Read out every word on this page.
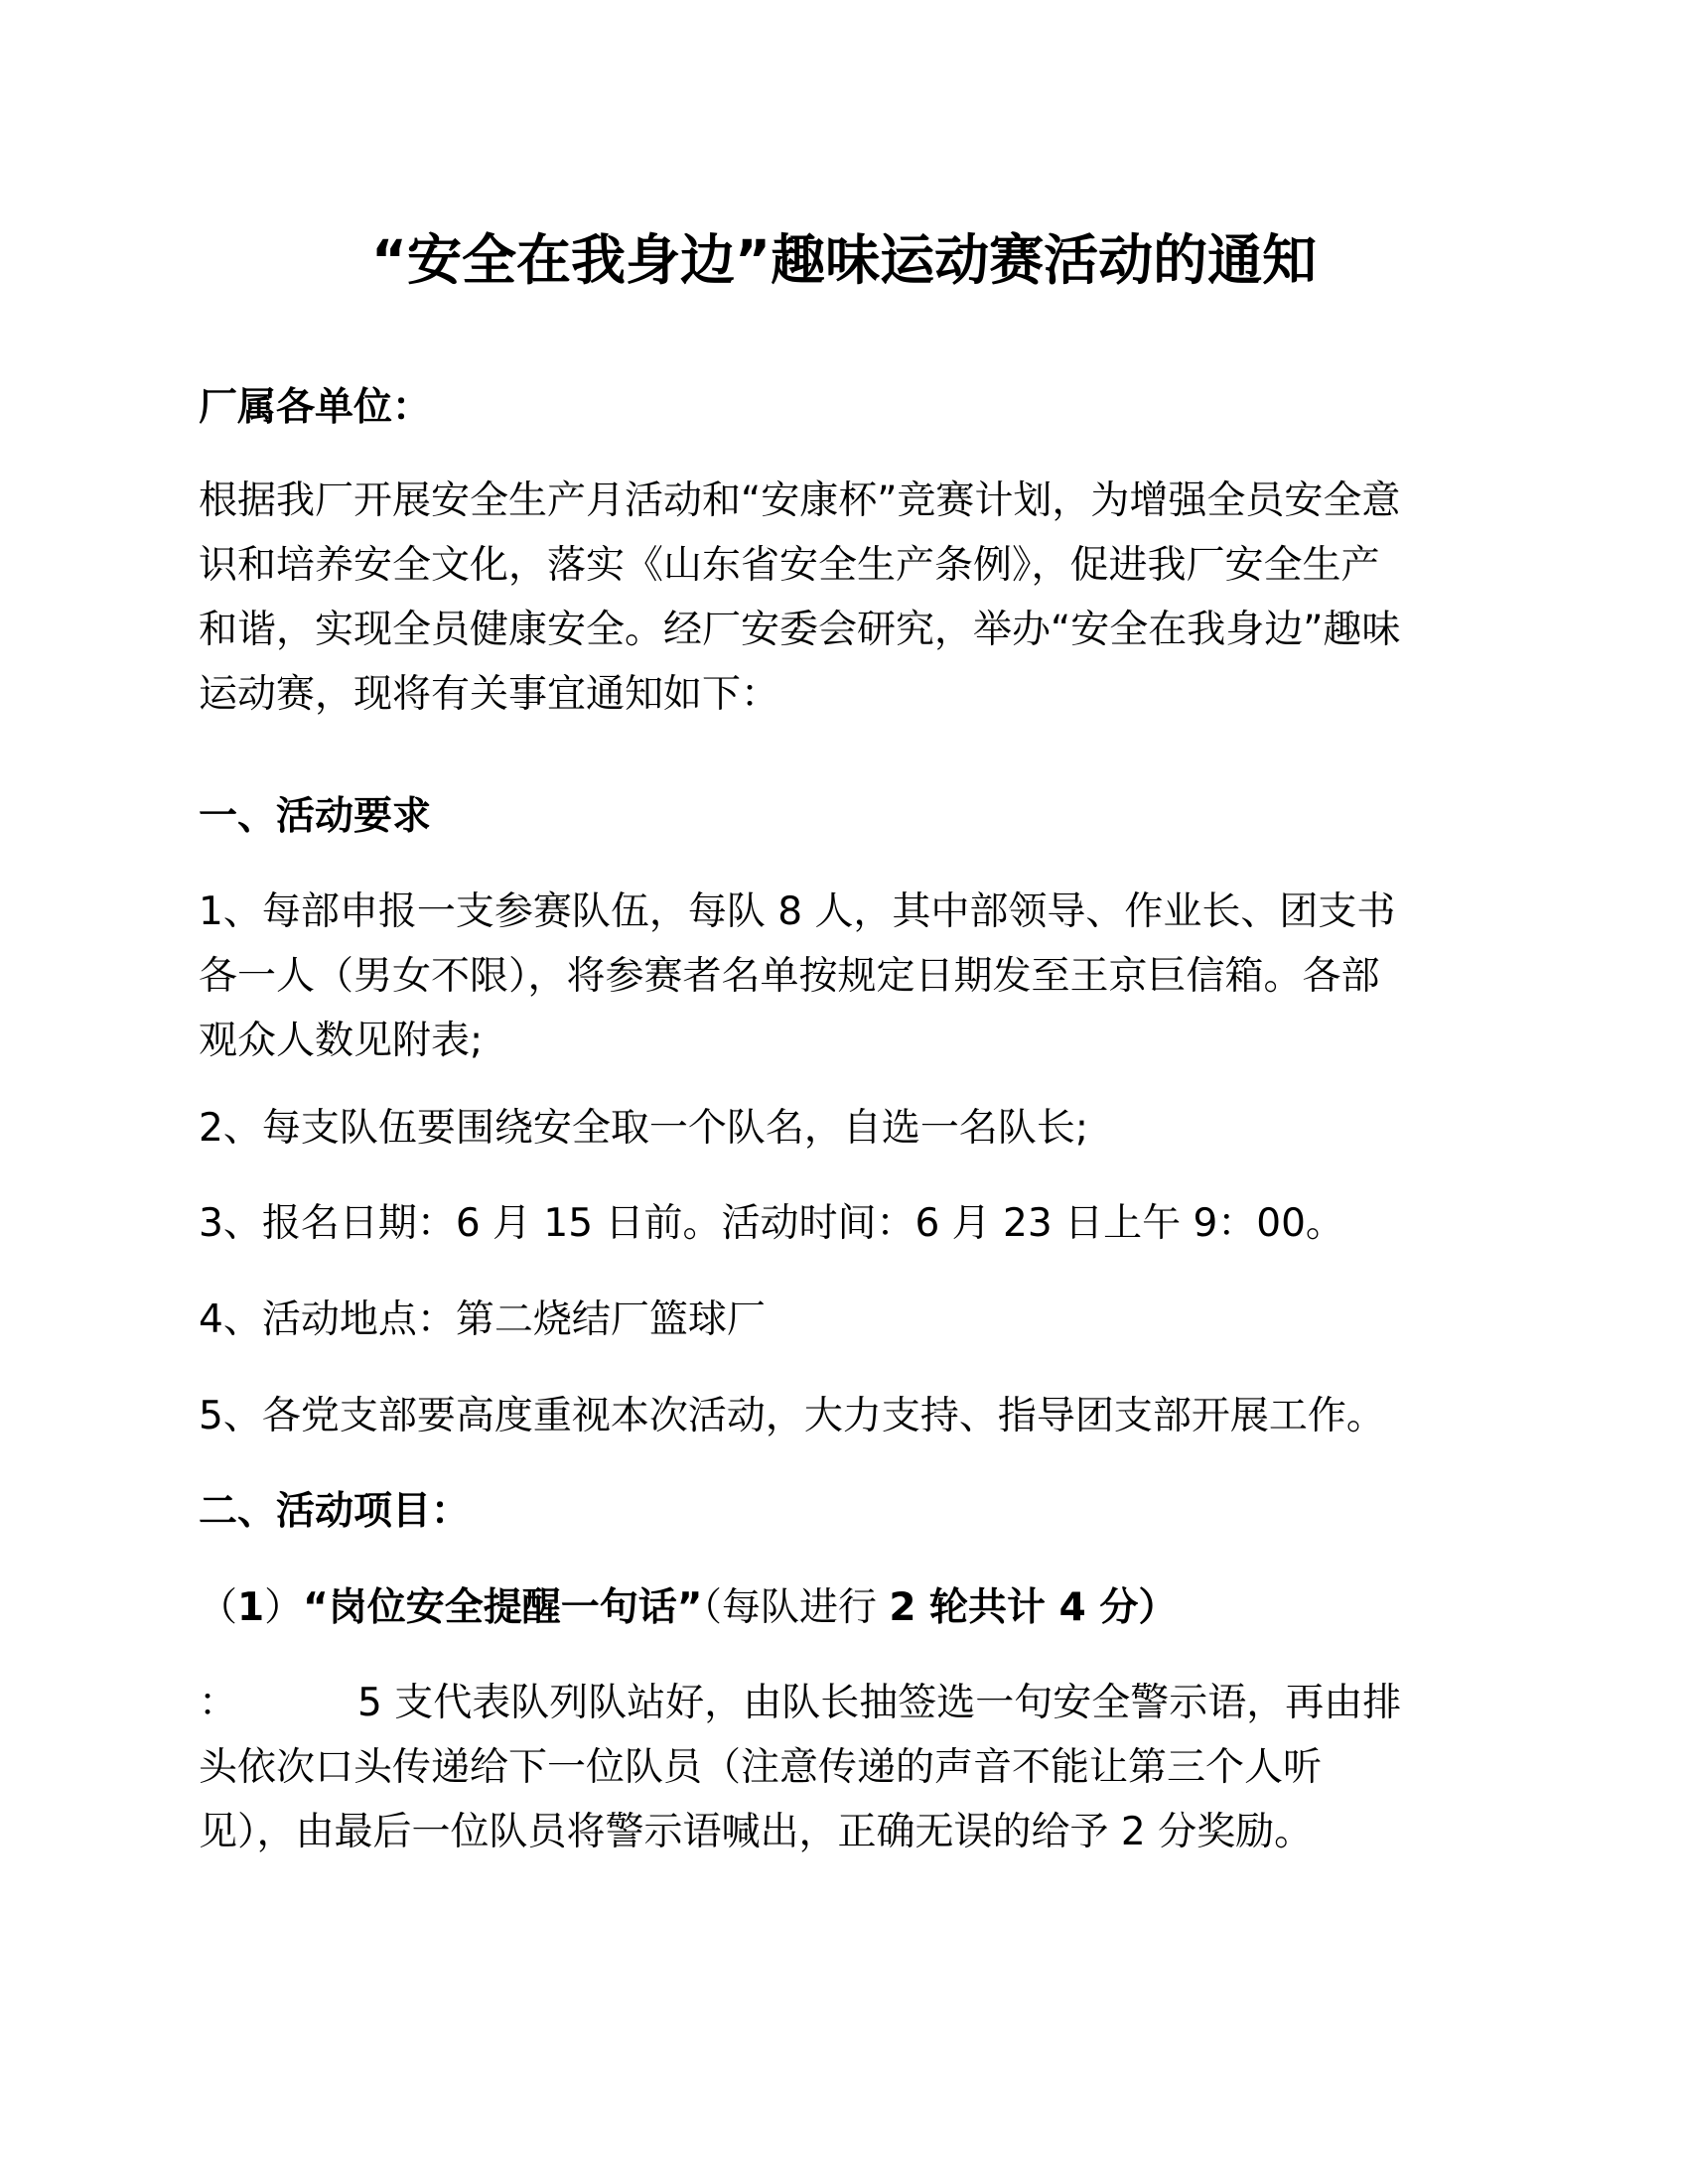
“安全在我身边”趣味运动赛活动的通知
厂属各单位：
根据我厂开展安全生产月活动和“安康杯”竞赛计划，为增强全员安全意
识和培养安全文化，落实《山东省安全生产条例》，促进我厂安全生产
和谐，实现全员健康安全。经厂安委会研究，举办“安全在我身边”趣味
运动赛，现将有关事宜通知如下：
一、活动要求
1、每部申报一支参赛队伍，每队 8 人，其中部领导、作业长、团支书
各一人（男女不限），将参赛者名单按规定日期发至王京巨信箱。各部
观众人数见附表;
2、每支队伍要围绕安全取一个队名，自选一名队长;
3、报名日期：6 月 15 日前。活动时间：6 月 23 日上午 9：00。
4、活动地点：第二烧结厂篮球厂
5、各党支部要高度重视本次活动，大力支持、指导团支部开展工作。
二、活动项目：
（1）“岗位安全提醒一句话”（每队进行 2 轮共计 4 分）
：	5 支代表队列队站好，由队长抽签选一句安全警示语，再由排
头依次口头传递给下一位队员（注意传递的声音不能让第三个人听
见），由最后一位队员将警示语喊出，正确无误的给予 2 分奖励。
